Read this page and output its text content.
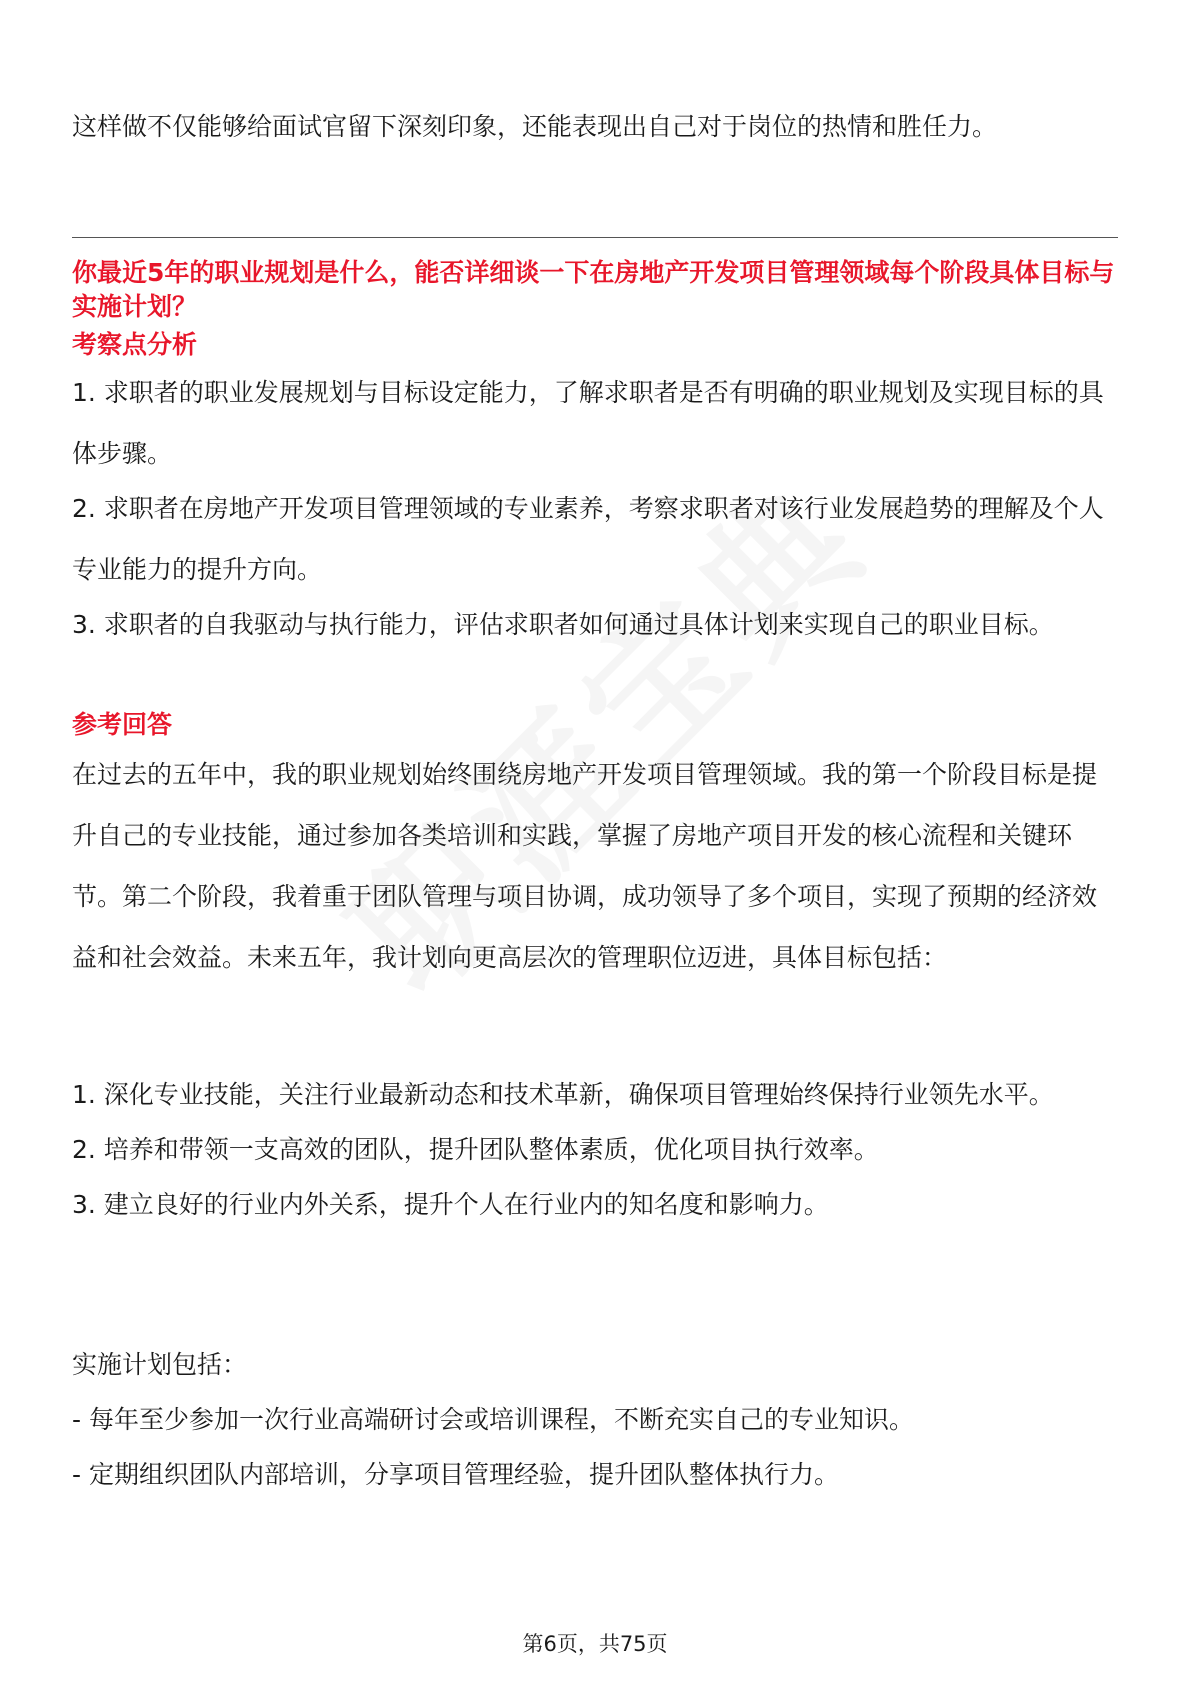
这样做不仅能够给面试官留下深刻印象，还能表现出自己对于岗位的热情和胜任力。

你最近5年的职业规划是什么，能否详细谈一下在房地产开发项目管理领域每个阶段具体目标与实施计划？

考察点分析

1. 求职者的职业发展规划与目标设定能力，了解求职者是否有明确的职业规划及实现目标的具体步骤。

2. 求职者在房地产开发项目管理领域的专业素养，考察求职者对该行业发展趋势的理解及个人专业能力的提升方向。

3. 求职者的自我驱动与执行能力，评估求职者如何通过具体计划来实现自己的职业目标。

参考回答

在过去的五年中，我的职业规划始终围绕房地产开发项目管理领域。我的第一个阶段目标是提升自己的专业技能，通过参加各类培训和实践，掌握了房地产项目开发的核心流程和关键环节。第二个阶段，我着重于团队管理与项目协调，成功领导了多个项目，实现了预期的经济效益和社会效益。未来五年，我计划向更高层次的管理职位迈进，具体目标包括：

1. 深化专业技能，关注行业最新动态和技术革新，确保项目管理始终保持行业领先水平。

2. 培养和带领一支高效的团队，提升团队整体素质，优化项目执行效率。

3. 建立良好的行业内外关系，提升个人在行业内的知名度和影响力。

实施计划包括：

- 每年至少参加一次行业高端研讨会或培训课程，不断充实自己的专业知识。

- 定期组织团队内部培训，分享项目管理经验，提升团队整体执行力。

第6页，共75页
